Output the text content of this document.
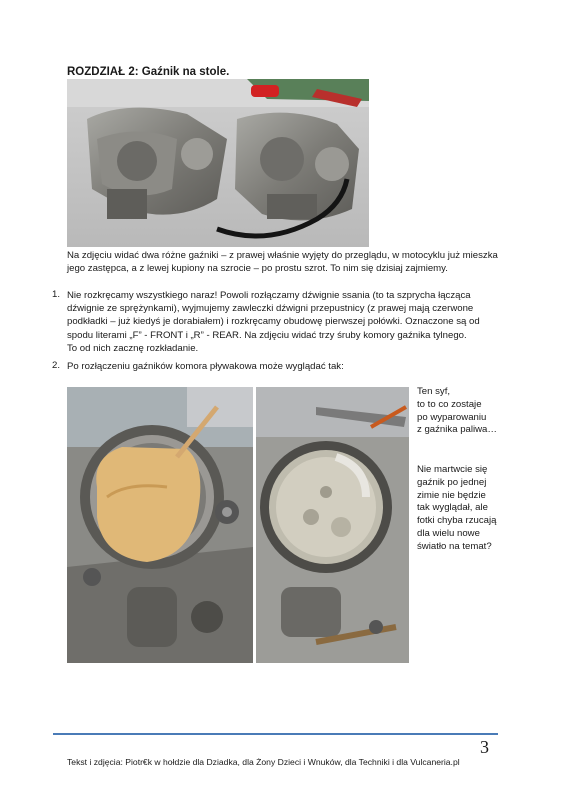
ROZDZIAŁ 2: Gaźnik na stole.
Na zdjęciu widać dwa różne gaźniki – z prawej właśnie wyjęty do przeglądu, w motocyklu już mieszka
jego zastępca, a z lewej kupiony na szrocie – po prostu szrot. To nim się dzisiaj zajmiemy.
1. Nie rozkręcamy wszystkiego naraz! Powoli rozłączamy dźwignie ssania (to ta szprycha łącząca
dźwignie ze sprężynkami), wyjmujemy zawleczki dźwigni przepustnicy (z prawej mają czerwone
podkładki – już kiedyś je dorabiałem) i rozkręcamy obudowę pierwszej połówki. Oznaczone są od
spodu literami „F” - FRONT i „R” - REAR. Na zdjęciu widać trzy śruby komory gaźnika tylnego.
To od nich zacznę rozkładanie.
2. Po rozłączeniu gaźników komora pływakowa może wyglądać tak:
Ten syf,
to to co zostaje
po wyparowaniu
z gaźnika paliwa…
Nie martwcie się
gaźnik po jednej
zimie nie będzie
tak wyglądał, ale
fotki chyba rzucają
dla wielu nowe
światło na temat?
3
Tekst i zdjęcia: Piotr€k w hołdzie dla Dziadka, dla Żony Dzieci i Wnuków, dla Techniki i dla Vulcaneria.pl
